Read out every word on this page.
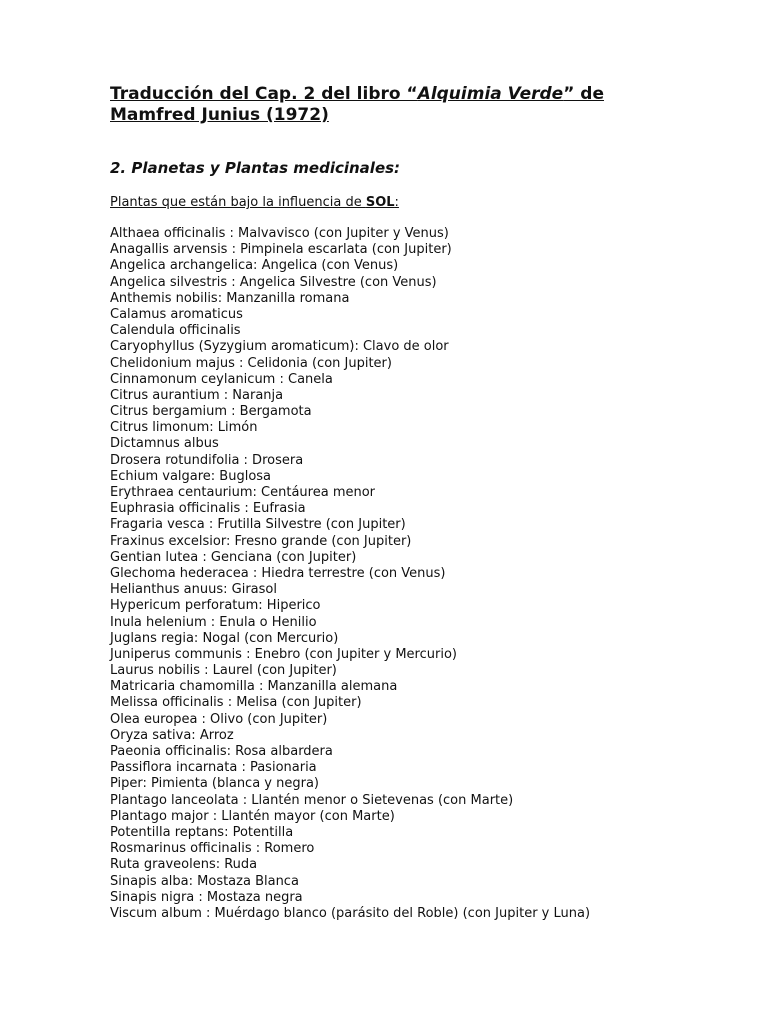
Traducción del Cap. 2 del libro “Alquimia Verde” de
Mamfred Junius (1972)
2. Planetas y Plantas medicinales:
Plantas que están bajo la influencia de SOL:
Althaea officinalis : Malvavisco (con Jupiter y Venus)
Anagallis arvensis : Pimpinela escarlata (con Jupiter)
Angelica archangelica: Angelica (con Venus)
Angelica silvestris : Angelica Silvestre (con Venus)
Anthemis nobilis: Manzanilla romana
Calamus aromaticus
Calendula officinalis
Caryophyllus (Syzygium aromaticum): Clavo de olor
Chelidonium majus : Celidonia (con Jupiter)
Cinnamonum ceylanicum : Canela
Citrus aurantium : Naranja
Citrus bergamium : Bergamota
Citrus limonum: Limón
Dictamnus albus
Drosera rotundifolia : Drosera
Echium valgare: Buglosa
Erythraea centaurium: Centáurea menor
Euphrasia officinalis : Eufrasia
Fragaria vesca : Frutilla Silvestre (con Jupiter)
Fraxinus excelsior: Fresno grande (con Jupiter)
Gentian lutea : Genciana (con Jupiter)
Glechoma hederacea : Hiedra terrestre (con Venus)
Helianthus anuus: Girasol
Hypericum perforatum: Hiperico
Inula helenium : Enula o Henilio
Juglans regia: Nogal (con Mercurio)
Juniperus communis : Enebro (con Jupiter y Mercurio)
Laurus nobilis : Laurel (con Jupiter)
Matricaria chamomilla : Manzanilla alemana
Melissa officinalis : Melisa (con Jupiter)
Olea europea : Olivo (con Jupiter)
Oryza sativa: Arroz
Paeonia officinalis: Rosa albardera
Passiflora incarnata : Pasionaria
Piper: Pimienta (blanca y negra)
Plantago lanceolata : Llantén menor o Sietevenas (con Marte)
Plantago major : Llantén mayor (con Marte)
Potentilla reptans: Potentilla
Rosmarinus officinalis : Romero
Ruta graveolens: Ruda
Sinapis alba: Mostaza Blanca
Sinapis nigra : Mostaza negra
Viscum album : Muérdago blanco (parásito del Roble) (con Jupiter y Luna)
